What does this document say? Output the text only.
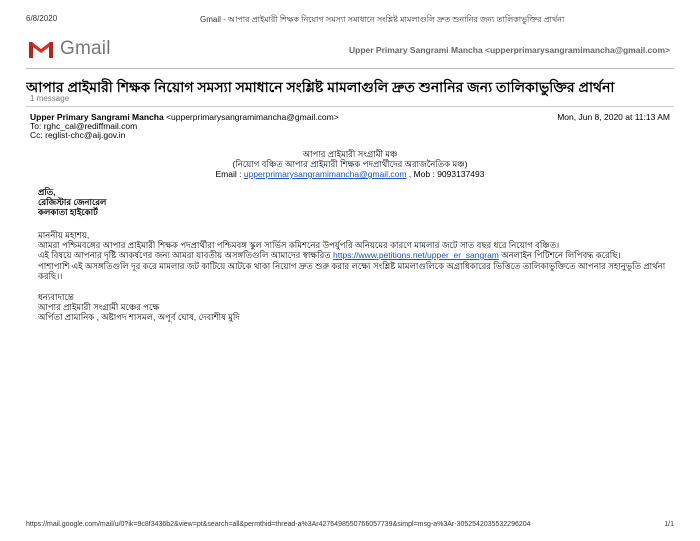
6/8/2020	Gmail - আপার প্রাইমারী শিক্ষক নিয়োগ সমস্যা সমাধানে সংশ্লিষ্ট মামলাগুলি দ্রুত শুনানির জন্য তালিকাভুক্তির প্রার্থনা
Gmail	Upper Primary Sangrami Mancha <upperprimarysangramimancha@gmail.com>
আপার প্রাইমারী শিক্ষক নিয়োগ সমস্যা সমাধানে সংশ্লিষ্ট মামলাগুলি দ্রুত শুনানির জন্য তালিকাভুক্তির প্রার্থনা
1 message
Upper Primary Sangrami Mancha <upperprimarysangramimancha@gmail.com>	Mon, Jun 8, 2020 at 11:13 AM
To: rghc_cal@rediffmail.com
Cc: reglist-chc@aij.gov.in
আপার প্রাইমারী সংগ্রামী মঞ্চ
(নিয়োগ বঞ্চিত আপার প্রাইমারী শিক্ষক পদপ্রার্থীদের অরাজনৈতিক মঞ্চ)
Email : upperprimarysangramimancha@gmail.com , Mob : 9093137493
প্রতি,
রেজিস্টার জেনারেল
কলকাতা হাইকোর্ট
মাননীয় মহাশয়,
আমরা পশ্চিমবঙ্গের আপার প্রাইমারী শিক্ষক পদপ্রার্থীরা পশ্চিমবঙ্গ স্কুল সার্ভিস কমিশনের উপর্যুপরি অনিয়মের কারণে মামলার জটে সাত বছর ধরে নিয়োগ বঞ্চিত।
এই বিষয়ে আপনার দৃষ্টি আকর্ষণের জন্য আমরা যাবতীয় অসঙ্গতিগুলি আমাদের স্বাক্ষরিত https://www.petitions.net/upper_er_sangram অনলাইন পিটিশনে লিপিবদ্ধ করেছি।
পাশাপাশি এই অসঙ্গতিগুলি দূর করে মামলার জট কাটিয়ে আটকে থাকা নিয়োগ দ্রুত শুরু করার লক্ষ্যে সংশ্লিষ্ট মামলাগুলিকে অগ্রাধিকারের ভিত্তিতে তালিকাভুক্তিতে আপনার সহানুভূতি প্রার্থনা
করছি।।
ধন্যবাদান্তে
আপার প্রাইমারী সংগ্রামী মঞ্চের পক্ষে
অর্পিতা প্রামানিক , অষ্টাপদ শাসমল, অপূর্ব ঘোষ, দেবাশীষ মুদি
https://mail.google.com/mail/u/0?ik=9c8f3436b2&view=pt&search=all&permthid=thread-a%3Ar4276498550766057739&simpl=msg-a%3Ar-3052542035532296204	1/1
